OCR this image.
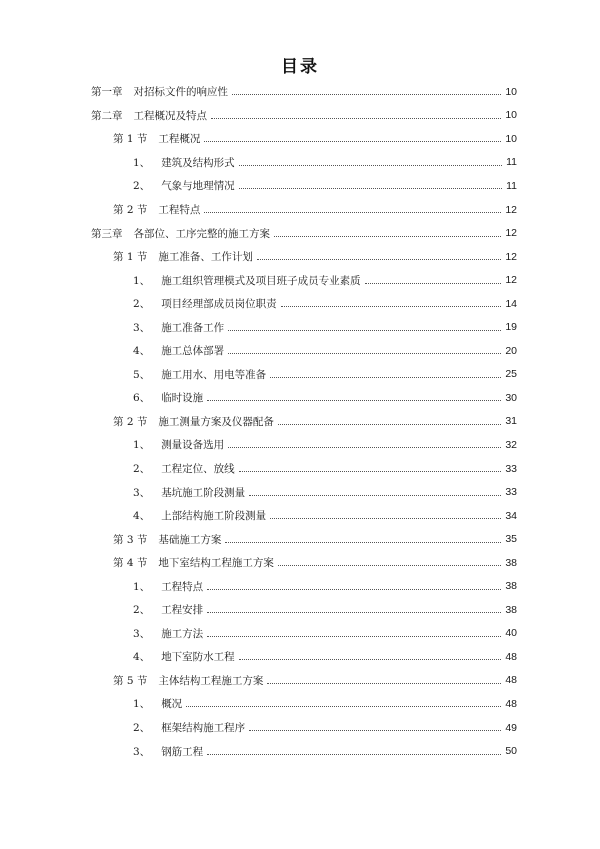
目录
第一章 对招标文件的响应性	10
第二章 工程概况及特点	10
第 1 节 工程概况	10
1、 建筑及结构形式	11
2、 气象与地理情况	11
第 2 节 工程特点	12
第三章 各部位、工序完整的施工方案	12
第 1 节 施工准备、工作计划	12
1、 施工组织管理模式及项目班子成员专业素质	12
2、 项目经理部成员岗位职责	14
3、 施工准备工作	19
4、 施工总体部署	20
5、 施工用水、用电等准备	25
6、 临时设施	30
第 2 节 施工测量方案及仪器配备	31
1、 测量设备选用	32
2、 工程定位、放线	33
3、 基坑施工阶段测量	33
4、 上部结构施工阶段测量	34
第 3 节 基础施工方案	35
第 4 节 地下室结构工程施工方案	38
1、 工程特点	38
2、 工程安排	38
3、 施工方法	40
4、 地下室防水工程	48
第 5 节 主体结构工程施工方案	48
1、 概况	48
2、 框架结构施工程序	49
3、 钢筋工程	50
